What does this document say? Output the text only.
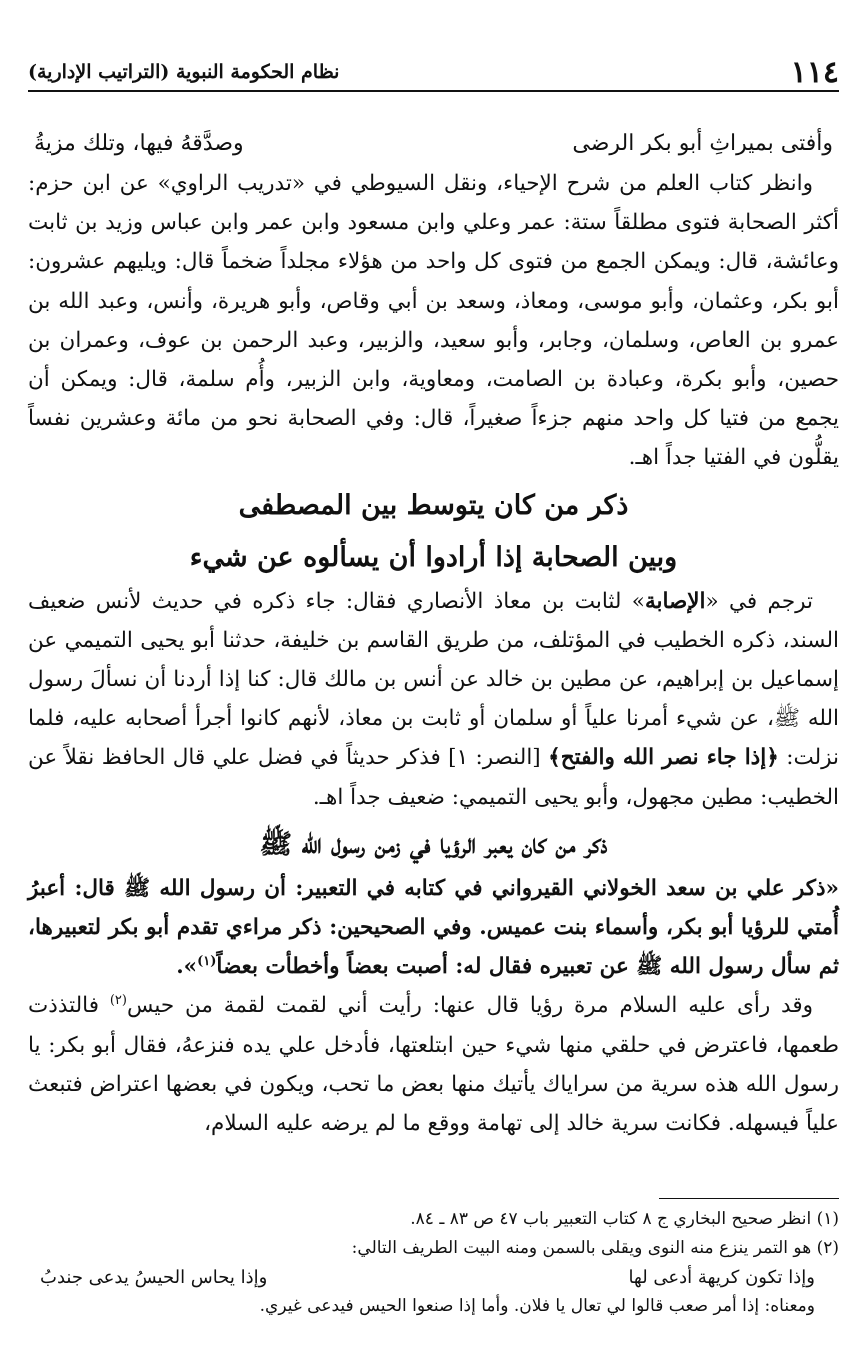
١١٤
نظام الحكومة النبوية (التراتيب الإدارية)
وأفتى بميراثِ أبو بكر الرضى
وصدَّقهُ فيها، وتلك مزيةُ

وانظر كتاب العلم من شرح الإحياء، ونقل السيوطي في «تدريب الراوي» عن ابن حزم: أكثر الصحابة فتوى مطلقاً ستة: عمر وعلي وابن مسعود وابن عمر وابن عباس وزيد بن ثابت وعائشة، قال: ويمكن الجمع من فتوى كل واحد من هؤلاء مجلداً ضخماً قال: ويليهم عشرون: أبو بكر، وعثمان، وأبو موسى، ومعاذ، وسعد بن أبي وقاص، وأبو هريرة، وأنس، وعبد الله بن عمرو بن العاص، وسلمان، وجابر، وأبو سعيد، والزبير، وعبد الرحمن بن عوف، وعمران بن حصين، وأبو بكرة، وعبادة بن الصامت، ومعاوية، وابن الزبير، وأُم سلمة، قال: ويمكن أن يجمع من فتيا كل واحد منهم جزءاً صغيراً، قال: وفي الصحابة نحو من مائة وعشرين نفساً يقلُّون في الفتيا جداً اهـ.

ذكر من كان يتوسط بين المصطفى
وبين الصحابة إذا أرادوا أن يسألوه عن شيء

ترجم في «الإصابة» لثابت بن معاذ الأنصاري فقال: جاء ذكره في حديث لأنس ضعيف السند، ذكره الخطيب في المؤتلف، من طريق القاسم بن خليفة، حدثنا أبو يحيى التميمي عن إسماعيل بن إبراهيم، عن مطين بن خالد عن أنس بن مالك قال: كنا إذا أردنا أن نسألَ رسول الله ﷺ، عن شيء أمرنا علياً أو سلمان أو ثابت بن معاذ، لأنهم كانوا أجرأ أصحابه عليه، فلما نزلت: ﴿إذا جاء نصر الله والفتح﴾ [النصر: ١] فذكر حديثاً في فضل علي قال الحافظ نقلاً عن الخطيب: مطين مجهول، وأبو يحيى التميمي: ضعيف جداً اهـ.

ذكر من كان يعبر الرؤيا في زمن رسول الله ﷺ

«ذكر علي بن سعد الخولاني القيرواني في كتابه في التعبير: أن رسول الله ﷺ قال: أعبرُ أُمتي للرؤيا أبو بكر، وأسماء بنت عميس. وفي الصحيحين: ذكر مراءي تقدم أبو بكر لتعبيرها، ثم سأل رسول الله ﷺ عن تعبيره فقال له: أصبت بعضاً وأخطأت بعضاً$^{(١)}$».

وقد رأى عليه السلام مرة رؤيا قال عنها: رأيت أني لقمت لقمة من حيس$^{(٢)}$ فالتذذت طعمها، فاعترض في حلقي منها شيء حين ابتلعتها، فأدخل علي يده فنزعهُ، فقال أبو بكر: يا رسول الله هذه سرية من سراياك يأتيك منها بعض ما تحب، ويكون في بعضها اعتراض فتبعث علياً فيسهله. فكانت سرية خالد إلى تهامة ووقع ما لم يرضه عليه السلام،

(١) انظر صحيح البخاري ج ٨ كتاب التعبير باب ٤٧ ص ٨٣ ـ ٨٤.

(٢) هو التمر ينزع منه النوى ويقلى بالسمن ومنه البيت الطريف التالي:

وإذا تكون كريهة أدعى لها
وإذا يحاس الحيسُ يدعى جندبُ

ومعناه: إذا أمر صعب قالوا لي تعال يا فلان. وأما إذا صنعوا الحيس فيدعى غيري.
